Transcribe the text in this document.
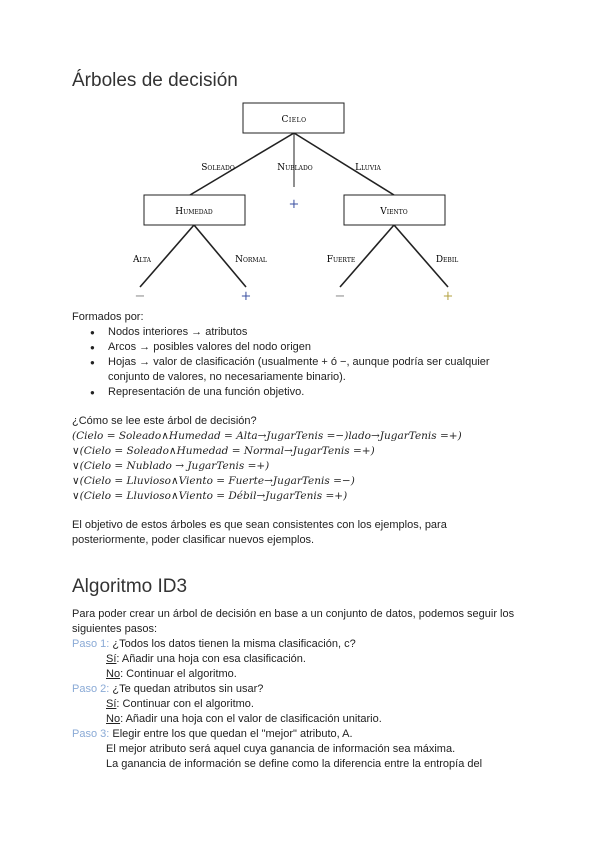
Árboles de decisión
Cielo
Soleado	Nublado	Lluvia
+
Humedad	Viento
Alta	Normal
−	+
Fuerte	Debil
−	+
Formados por:
● Nodos interiores → atributos
● Arcos → posibles valores del nodo origen
● Hojas → valor de clasificación (usualmente + ó −, aunque podría ser cualquier conjunto de valores, no necesariamente binario).
● Representación de una función objetivo.
¿Cómo se lee este árbol de decisión?
(Cielo = Soleado∧Humedad = Alta→JugarTenis =−)lado→JugarTenis =+)
∨(Cielo = Soleado∧Humedad = Normal→JugarTenis =+)
∨(Cielo = Nublado → JugarTenis =+)
∨(Cielo = Lluvioso∧Viento = Fuerte→JugarTenis =−)
∨(Cielo = Lluvioso∧Viento = Débil→JugarTenis =+)
El objetivo de estos árboles es que sean consistentes con los ejemplos, para posteriormente, poder clasificar nuevos ejemplos.
Algoritmo ID3
Para poder crear un árbol de decisión en base a un conjunto de datos, podemos seguir los siguientes pasos:
Paso 1: ¿Todos los datos tienen la misma clasificación, c?
Sí: Añadir una hoja con esa clasificación.
No: Continuar el algoritmo.
Paso 2: ¿Te quedan atributos sin usar?
Sí: Continuar con el algoritmo.
No: Añadir una hoja con el valor de clasificación unitario.
Paso 3: Elegir entre los que quedan el "mejor" atributo, A.
El mejor atributo será aquel cuya ganancia de información sea máxima.
La ganancia de información se define como la diferencia entre la entropía del
